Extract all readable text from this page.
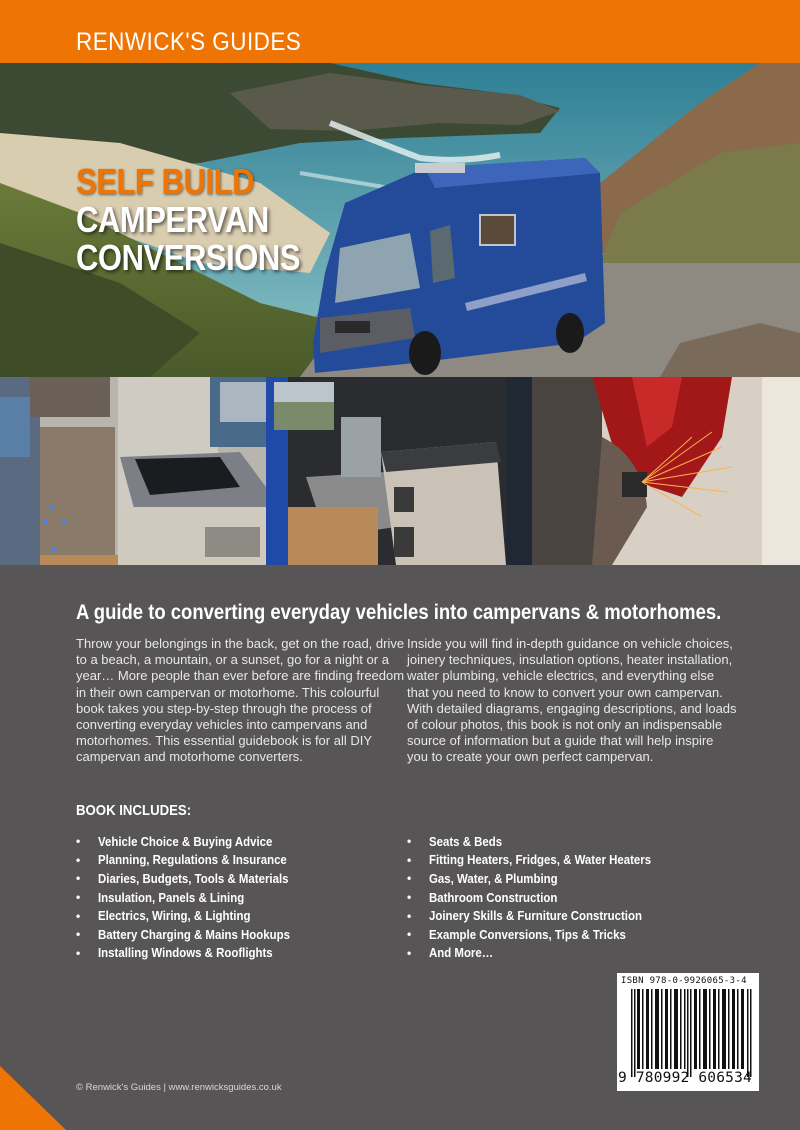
RENWICK'S GUIDES
SELF BUILD
CAMPERVAN
CONVERSIONS
A guide to converting everyday vehicles into campervans & motorhomes.
Throw your belongings in the back, get on the road, drive to a beach, a mountain, or a sunset, go for a night or a year… More people than ever before are finding freedom in their own campervan or motorhome. This colourful book takes you step-by-step through the process of converting everyday vehicles into campervans and motorhomes. This essential guidebook is for all DIY campervan and motorhome converters.
Inside you will find in-depth guidance on vehicle choices, joinery techniques, insulation options, heater installation, water plumbing, vehicle electrics, and everything else that you need to know to convert your own campervan. With detailed diagrams, engaging descriptions, and loads of colour photos, this book is not only an indispensable source of information but a guide that will help inspire you to create your own perfect campervan.
BOOK INCLUDES:
•	Vehicle Choice & Buying Advice
•	Planning, Regulations & Insurance
•	Diaries, Budgets, Tools & Materials
•	Insulation, Panels & Lining
•	Electrics, Wiring, & Lighting
•	Battery Charging & Mains Hookups
•	Installing Windows & Rooflights
•	Seats & Beds
•	Fitting Heaters, Fridges, & Water Heaters
•	Gas, Water, & Plumbing
•	Bathroom Construction
•	Joinery Skills & Furniture Construction
•	Example Conversions, Tips & Tricks
•	And More…
ISBN 978-0-9926065-3-4
9 780992 606534
© Renwick's Guides | www.renwicksguides.co.uk
